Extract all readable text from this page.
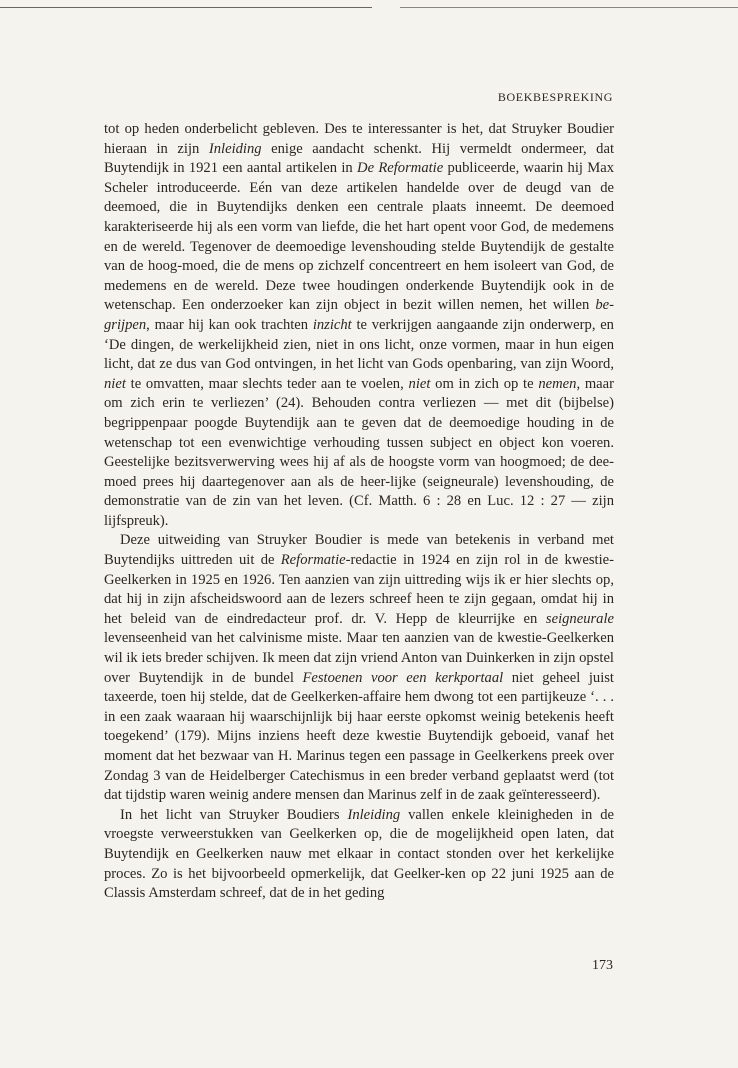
BOEKBESPREKING

tot op heden onderbelicht gebleven. Des te interessanter is het, dat Struyker Boudier hieraan in zijn Inleiding enige aandacht schenkt. Hij vermeldt ondermeer, dat Buytendijk in 1921 een aantal artikelen in De Reformatie publiceerde, waarin hij Max Scheler introduceerde. Eén van deze artikelen handelde over de deugd van de deemoed, die in Buytendijks denken een centrale plaats inneemt. De deemoed karakteriseerde hij als een vorm van liefde, die het hart opent voor God, de medemens en de wereld. Tegenover de deemoedige levenshouding stelde Buytendijk de gestalte van de hoog-moed, die de mens op zichzelf concentreert en hem isoleert van God, de medemens en de wereld. Deze twee houdingen onderkende Buytendijk ook in de wetenschap. Een onderzoeker kan zijn object in bezit willen nemen, het willen be-grijpen, maar hij kan ook trachten inzicht te verkrijgen aangaande zijn onderwerp, en ‘De dingen, de werkelijkheid zien, niet in ons licht, onze vormen, maar in hun eigen licht, dat ze dus van God ontvingen, in het licht van Gods openbaring, van zijn Woord, niet te omvatten, maar slechts teder aan te voelen, niet om in zich op te nemen, maar om zich erin te verliezen’ (24). Behouden contra verliezen — met dit (bijbelse) begrippenpaar poogde Buytendijk aan te geven dat de deemoedige houding in de wetenschap tot een evenwichtige verhouding tussen subject en object kon voeren. Geestelijke bezitsverwerving wees hij af als de hoogste vorm van hoogmoed; de dee-moed prees hij daartegenover aan als de heer-lijke (seigneurale) levenshouding, de demonstratie van de zin van het leven. (Cf. Matth. 6 : 28 en Luc. 12 : 27 — zijn lijfspreuk).

Deze uitweiding van Struyker Boudier is mede van betekenis in verband met Buytendijks uittreden uit de Reformatie-redactie in 1924 en zijn rol in de kwestie-Geelkerken in 1925 en 1926. Ten aanzien van zijn uittreding wijs ik er hier slechts op, dat hij in zijn afscheidswoord aan de lezers schreef heen te zijn gegaan, omdat hij in het beleid van de eindredacteur prof. dr. V. Hepp de kleurrijke en seigneurale levenseenheid van het calvinisme miste. Maar ten aanzien van de kwestie-Geelkerken wil ik iets breder schijven. Ik meen dat zijn vriend Anton van Duinkerken in zijn opstel over Buytendijk in de bundel Festoenen voor een kerkportaal niet geheel juist taxeerde, toen hij stelde, dat de Geelkerken-affaire hem dwong tot een partijkeuze ‘. . . in een zaak waaraan hij waarschijnlijk bij haar eerste opkomst weinig betekenis heeft toegekend’ (179). Mijns inziens heeft deze kwestie Buytendijk geboeid, vanaf het moment dat het bezwaar van H. Marinus tegen een passage in Geelkerkens preek over Zondag 3 van de Heidelberger Catechismus in een breder verband geplaatst werd (tot dat tijdstip waren weinig andere mensen dan Marinus zelf in de zaak geïnteresseerd).

In het licht van Struyker Boudiers Inleiding vallen enkele kleinigheden in de vroegste verweerstukken van Geelkerken op, die de mogelijkheid open laten, dat Buytendijk en Geelkerken nauw met elkaar in contact stonden over het kerkelijke proces. Zo is het bijvoorbeeld opmerkelijk, dat Geelker-ken op 22 juni 1925 aan de Classis Amsterdam schreef, dat de in het geding

173
